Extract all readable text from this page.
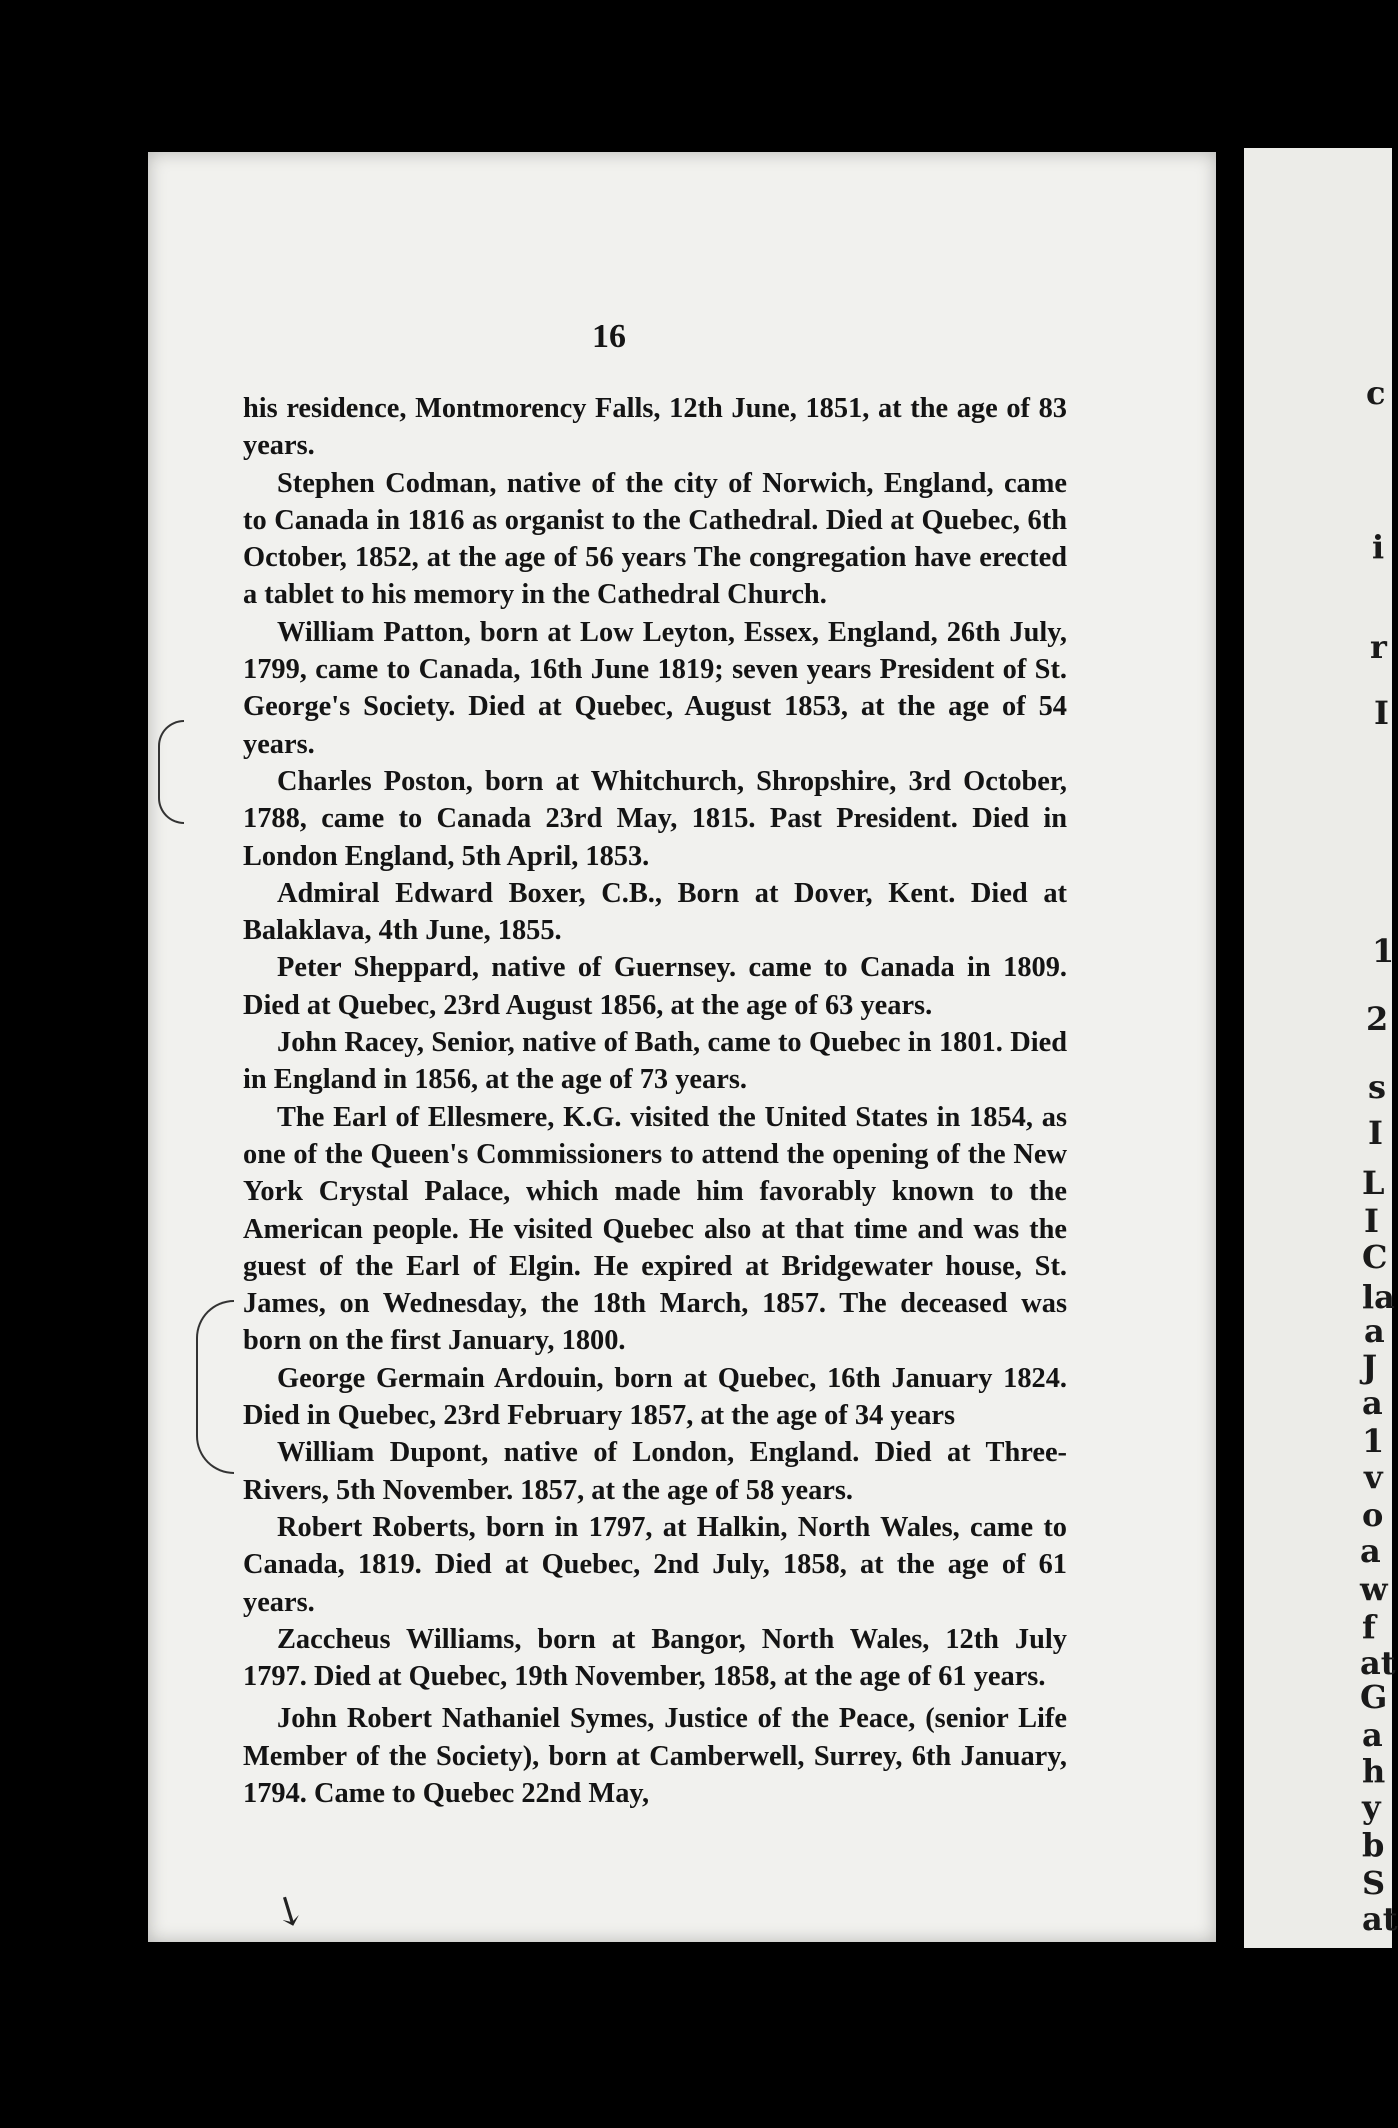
c
i
r
I
1
2
s
I
L
I
C
la
a
J
a
1
v
o
a
w
f
at
G
a
h
y
b
S
at
16

his residence, Montmorency Falls, 12th June, 1851, at the age of 83 years.

Stephen Codman, native of the city of Norwich, England, came to Canada in 1816 as organist to the Cathedral. Died at Quebec, 6th October, 1852, at the age of 56 years The congregation have erected a tablet to his memory in the Cathedral Church.

William Patton, born at Low Leyton, Essex, England, 26th July, 1799, came to Canada, 16th June 1819; seven years President of St. George's Society. Died at Quebec, August 1853, at the age of 54 years.

Charles Poston, born at Whitchurch, Shropshire, 3rd October, 1788, came to Canada 23rd May, 1815. Past President. Died in London England, 5th April, 1853.

Admiral Edward Boxer, C.B., Born at Dover, Kent. Died at Balaklava, 4th June, 1855.

Peter Sheppard, native of Guernsey. came to Canada in 1809. Died at Quebec, 23rd August 1856, at the age of 63 years.

John Racey, Senior, native of Bath, came to Quebec in 1801. Died in England in 1856, at the age of 73 years.

The Earl of Ellesmere, K.G. visited the United States in 1854, as one of the Queen's Commissioners to attend the opening of the New York Crystal Palace, which made him favorably known to the American people. He visited Quebec also at that time and was the guest of the Earl of Elgin. He expired at Bridgewater house, St. James, on Wednesday, the 18th March, 1857. The deceased was born on the first January, 1800.

George Germain Ardouin, born at Quebec, 16th January 1824. Died in Quebec, 23rd February 1857, at the age of 34 years

William Dupont, native of London, England. Died at Three-Rivers, 5th November. 1857, at the age of 58 years.

Robert Roberts, born in 1797, at Halkin, North Wales, came to Canada, 1819. Died at Quebec, 2nd July, 1858, at the age of 61 years.

Zaccheus Williams, born at Bangor, North Wales, 12th July 1797. Died at Quebec, 19th November, 1858, at the age of 61 years.

John Robert Nathaniel Symes, Justice of the Peace, (senior Life Member of the Society), born at Camberwell, Surrey, 6th January, 1794. Came to Quebec 22nd May,

↘
